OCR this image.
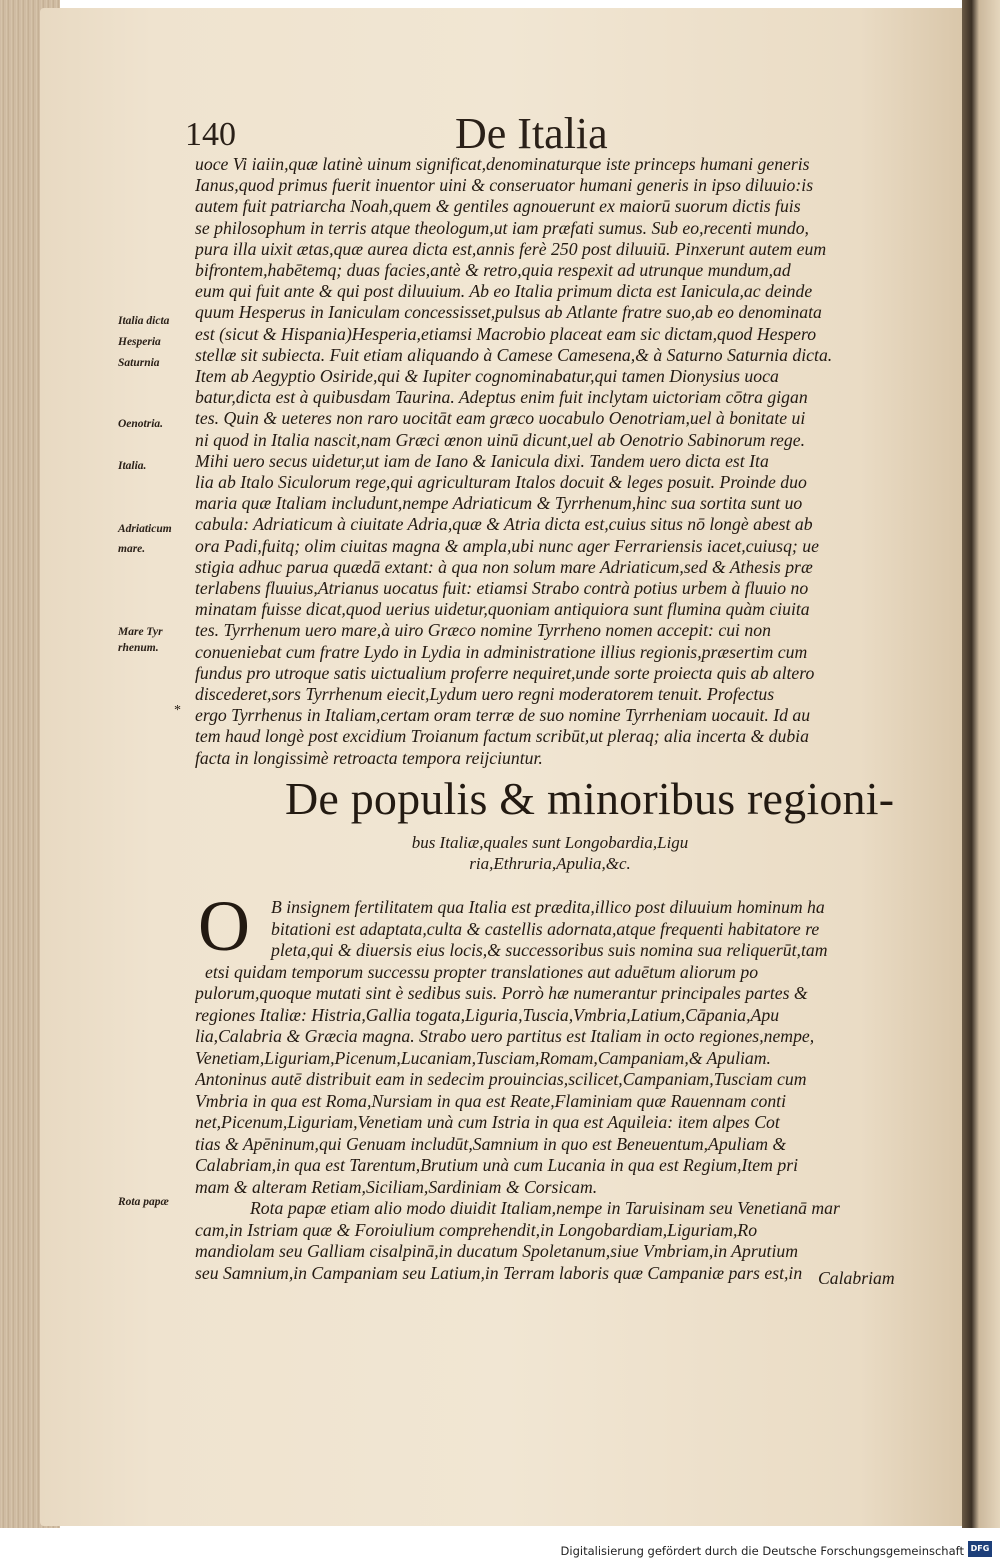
140	De Italia
Italia dicta
Hesperia
Saturnia
Oenotria.
Italia.
Adriaticum
mare.
Mare Tyr
rhenum.
Rota papæ
uoce Vi iaiin,quæ latinè uinum significat,denominaturque iste princeps humani generis
Ianus,quod primus fuerit inuentor uini & conseruator humani generis in ipso diluuio:is
autem fuit patriarcha Noah,quem & gentiles agnouerunt ex maiorū suorum dictis fuis
se philosophum in terris atque theologum,ut iam præfati sumus. Sub eo,recenti mundo,
pura illa uixit ætas,quæ aurea dicta est,annis ferè 250 post diluuiū. Pinxerunt autem eum
bifrontem,habētemq; duas facies,antè & retro,quia respexit ad utrunque mundum,ad
eum qui fuit ante & qui post diluuium. Ab eo Italia primum dicta est Ianicula,ac deinde
quum Hesperus in Ianiculam concessisset,pulsus ab Atlante fratre suo,ab eo denominata
est (sicut & Hispania)Hesperia,etiamsi Macrobio placeat eam sic dictam,quod Hespero
stellæ sit subiecta. Fuit etiam aliquando à Camese Camesena,& à Saturno Saturnia dicta.
Item ab Aegyptio Osiride,qui & Iupiter cognominabatur,qui tamen Dionysius uoca
batur,dicta est à quibusdam Taurina. Adeptus enim fuit inclytam uictoriam cōtra gigan
tes. Quin & ueteres non raro uocitāt eam græco uocabulo Oenotriam,uel à bonitate ui
ni quod in Italia nascit,nam Græci œnon uinū dicunt,uel ab Oenotrio Sabinorum rege.
Mihi uero secus uidetur,ut iam de Iano & Ianicula dixi. Tandem uero dicta est Ita
lia ab Italo Siculorum rege,qui agriculturam Italos docuit & leges posuit. Proinde duo
maria quæ Italiam includunt,nempe Adriaticum & Tyrrhenum,hinc sua sortita sunt uo
cabula: Adriaticum à ciuitate Adria,quæ & Atria dicta est,cuius situs nō longè abest ab
ora Padi,fuitq; olim ciuitas magna & ampla,ubi nunc ager Ferrariensis iacet,cuiusq; ue
stigia adhuc parua quædā extant: à qua non solum mare Adriaticum,sed & Athesis præ
terlabens fluuius,Atrianus uocatus fuit: etiamsi Strabo contrà potius urbem à fluuio no
minatam fuisse dicat,quod uerius uidetur,quoniam antiquiora sunt flumina quàm ciuita
tes. Tyrrhenum uero mare,à uiro Græco nomine Tyrrheno nomen accepit: cui non
conueniebat cum fratre Lydo in Lydia in administratione illius regionis,præsertim cum
fundus pro utroque satis uictualium proferre nequiret,unde sorte proiecta quis ab altero
discederet,sors Tyrrhenum eiecit,Lydum uero regni moderatorem tenuit. Profectus
ergo Tyrrhenus in Italiam,certam oram terræ de suo nomine Tyrrheniam uocauit. Id au
tem haud longè post excidium Troianum factum scribūt,ut pleraq; alia incerta & dubia
facta in longissimè retroacta tempora reijciuntur.
*
De populis & minoribus regioni-
bus Italiæ,quales sunt Longobardia,Ligu
ria,Ethruria,Apulia,&c.
O	B insignem fertilitatem qua Italia est prædita,illico post diluuium hominum ha
bitationi est adaptata,culta & castellis adornata,atque frequenti habitatore re
pleta,qui & diuersis eius locis,& successoribus suis nomina sua reliquerūt,tam
etsi quidam temporum successu propter translationes aut aduētum aliorum po
pulorum,quoque mutati sint è sedibus suis. Porrò hæ numerantur principales partes &
regiones Italiæ: Histria,Gallia togata,Liguria,Tuscia,Vmbria,Latium,Cāpania,Apu
lia,Calabria & Græcia magna. Strabo uero partitus est Italiam in octo regiones,nempe,
Venetiam,Liguriam,Picenum,Lucaniam,Tusciam,Romam,Campaniam,& Apuliam.
Antoninus autē distribuit eam in sedecim prouincias,scilicet,Campaniam,Tusciam cum
Vmbria in qua est Roma,Nursiam in qua est Reate,Flaminiam quæ Rauennam conti
net,Picenum,Liguriam,Venetiam unà cum Istria in qua est Aquileia: item alpes Cot
tias & Apēninum,qui Genuam includūt,Samnium in quo est Beneuentum,Apuliam &
Calabriam,in qua est Tarentum,Brutium unà cum Lucania in qua est Regium,Item pri
mam & alteram Retiam,Siciliam,Sardiniam & Corsicam.
Rota papæ etiam alio modo diuidit Italiam,nempe in Taruisinam seu Venetianā mar
cam,in Istriam quæ & Foroiulium comprehendit,in Longobardiam,Liguriam,Ro
mandiolam seu Galliam cisalpinā,in ducatum Spoletanum,siue Vmbriam,in Aprutium
seu Samnium,in Campaniam seu Latium,in Terram laboris quæ Campaniæ pars est,in Calabriam
Digitalisierung gefördert durch die Deutsche Forschungsgemeinschaft DFG
